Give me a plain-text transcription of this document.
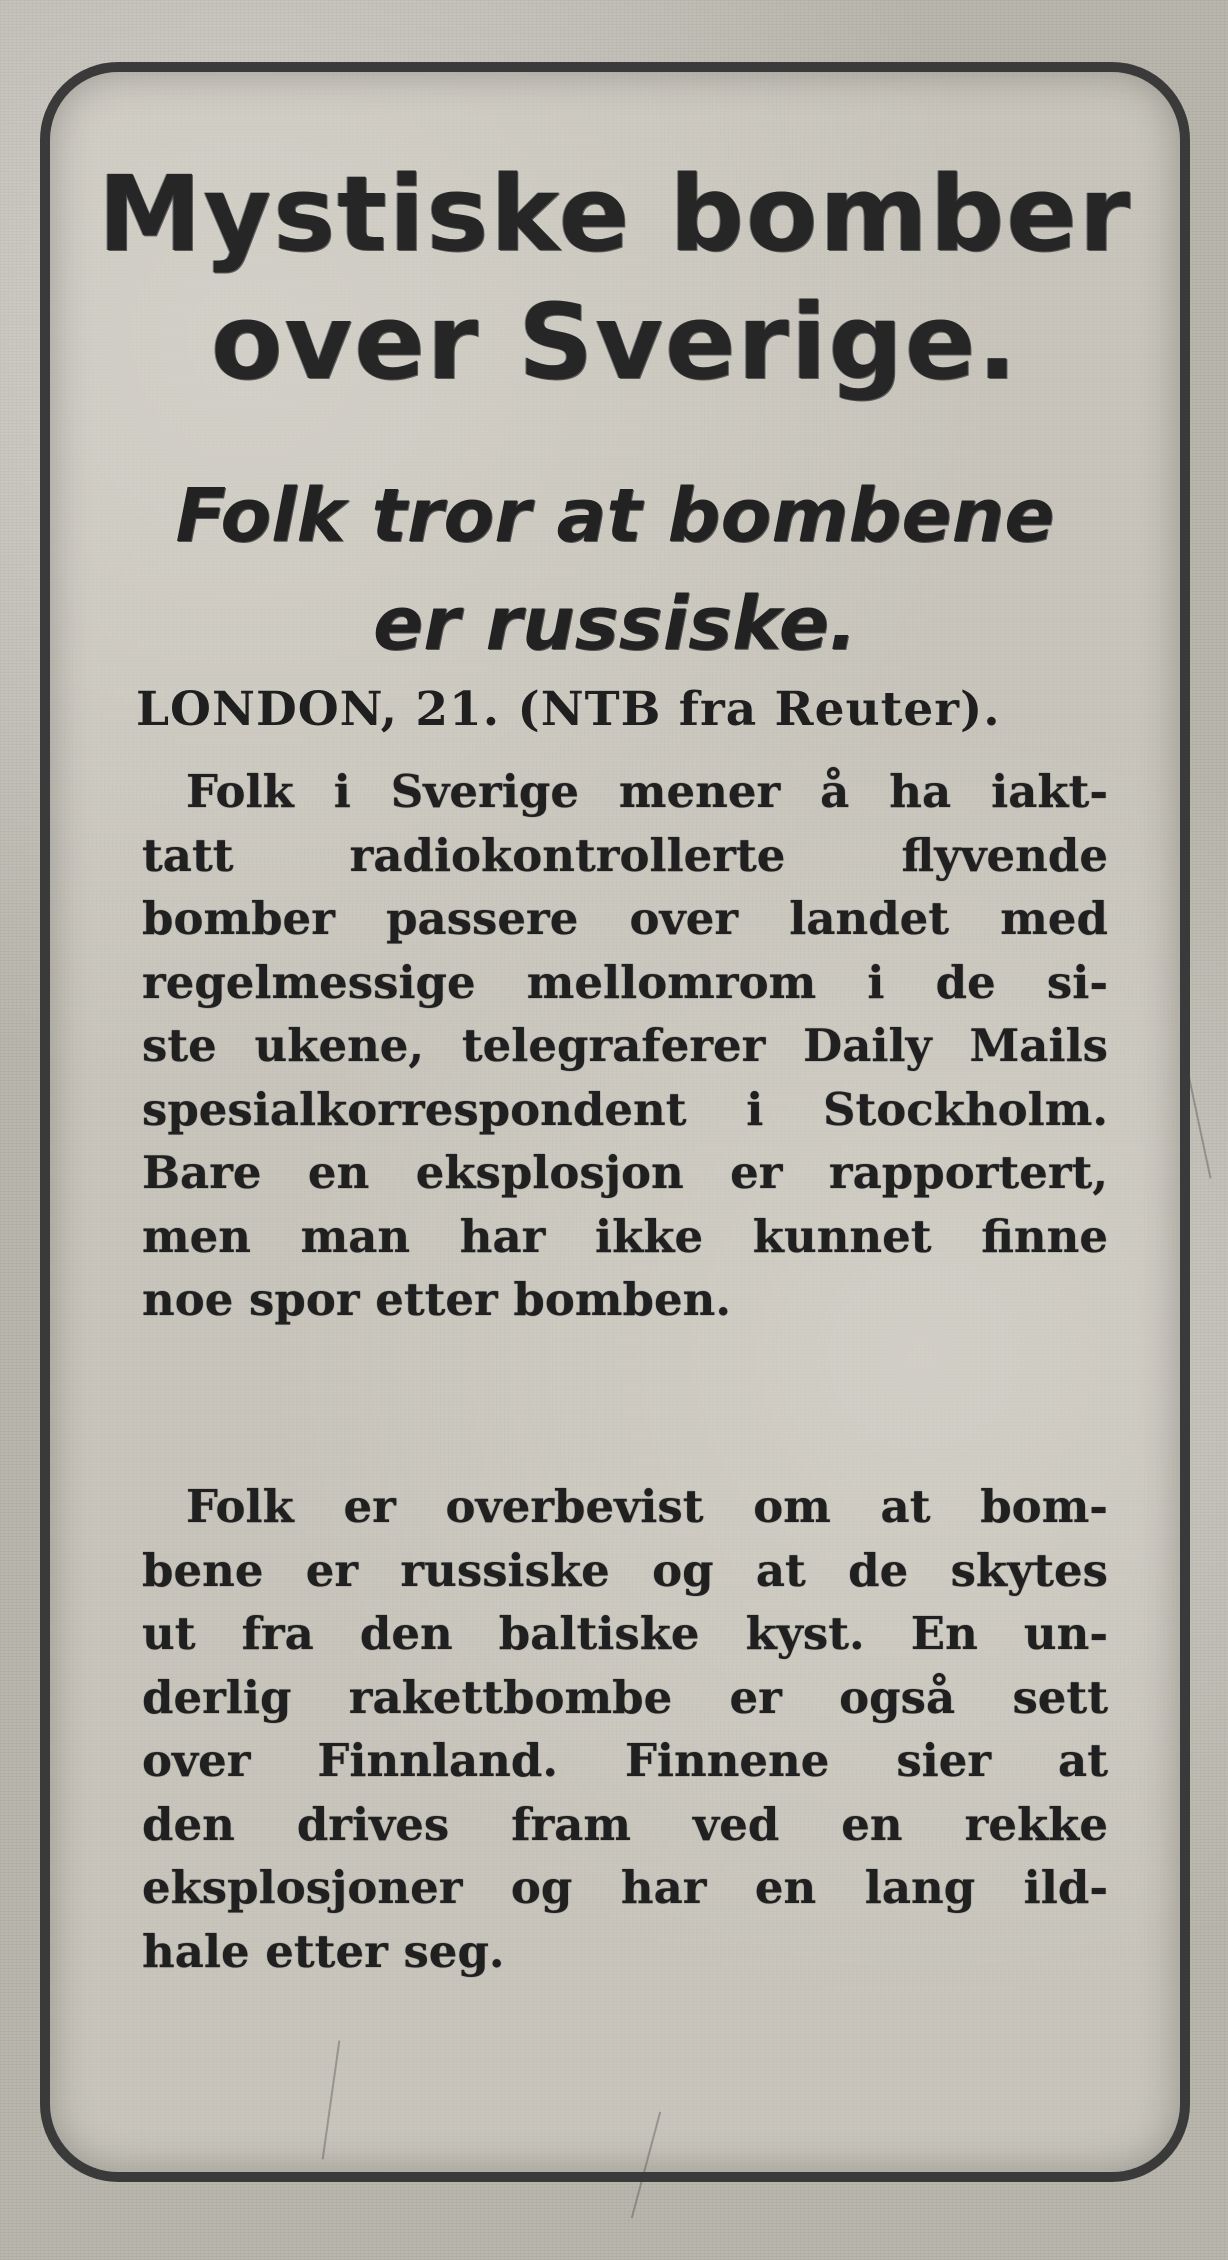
Mystiske bomber
over Sverige.
Folk tror at bombene
er russiske.
LONDON, 21. (NTB fra Reuter).
Folk i Sverige mener å ha iakt-
tatt radiokontrollerte flyvende
bomber passere over landet med
regelmessige mellomrom i de si-
ste ukene, telegraferer Daily Mails
spesialkorrespondent i Stockholm.
Bare en eksplosjon er rapportert,
men man har ikke kunnet finne
noe spor etter bomben.
Folk er overbevist om at bom-
bene er russiske og at de skytes
ut fra den baltiske kyst. En un-
derlig rakettbombe er også sett
over Finnland. Finnene sier at
den drives fram ved en rekke
eksplosjoner og har en lang ild-
hale etter seg.
